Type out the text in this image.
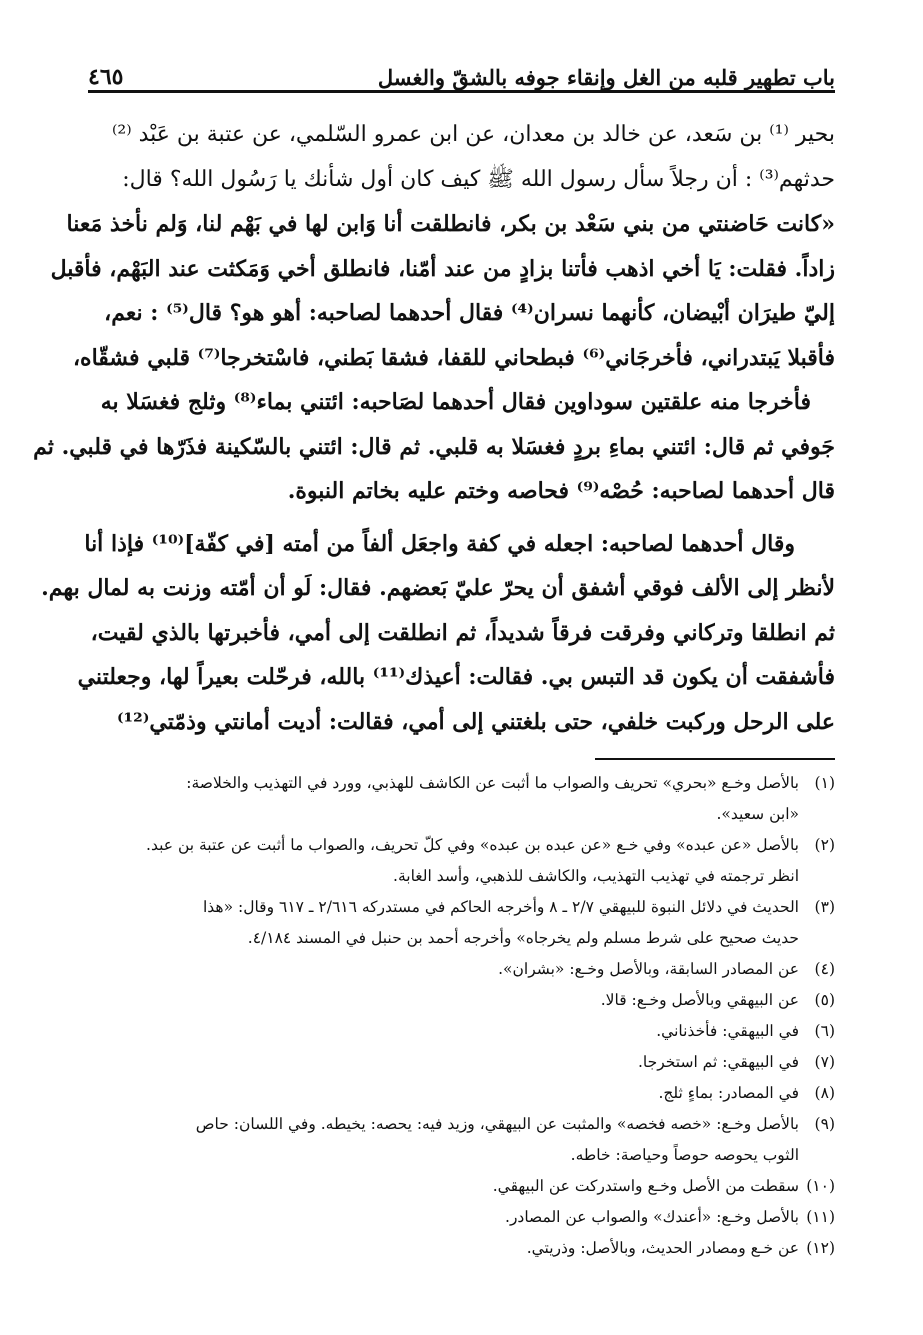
باب تطهير قلبه من الغل وإنقاء جوفه بالشقّ والغسل
٤٦٥
بحير ⁽¹⁾ بن سَعد، عن خالد بن معدان، عن ابن عمرو السّلمي، عن عتبة بن عَبْد ⁽²⁾
حدثهم⁽³⁾ : أن رجلاً سأل رسول الله ﷺ كيف كان أول شأنك يا رَسُول الله؟ قال:
«كانت حَاضنتي من بني سَعْد بن بكر، فانطلقت أنا وَابن لها في بَهْم لنا، وَلم نأخذ مَعنا
زاداً. فقلت: يَا أخي اذهب فأتنا بزادٍ من عند أمّنا، فانطلق أخي وَمَكثت عند البَهْم، فأقبل
إليّ طيرَان أبْيضان، كأنهما نسران⁽⁴⁾ فقال أحدهما لصاحبه: أهو هو؟ قال⁽⁵⁾ : نعم،
فأقبلا يَبتدراني، فأخرجَاني⁽⁶⁾ فبطحاني للقفا، فشقا بَطني، فاسْتخرجا⁽⁷⁾ قلبي فشقّاه،
فأخرجا منه علقتين سوداوين فقال أحدهما لصَاحبه: ائتني بماء⁽⁸⁾ وثلج فغسَلا به
جَوفي ثم قال: ائتني بماءِ بردٍ فغسَلا به قلبي. ثم قال: ائتني بالسّكينة فذَرّها في قلبي. ثم
قال أحدهما لصاحبه: حُصْه⁽⁹⁾ فحاصه وختم عليه بخاتم النبوة.
وقال أحدهما لصاحبه: اجعله في كفة واجعَل ألفاً من أمته [في كفّة]⁽¹⁰⁾ فإذا أنا
لأنظر إلى الألف فوقي أشفق أن يحرّ عليّ بَعضهم. فقال: لَو أن أمّته وزنت به لمال بهم.
ثم انطلقا وتركاني وفرقت فرقاً شديداً، ثم انطلقت إلى أمي، فأخبرتها بالذي لقيت،
فأشفقت أن يكون قد التبس بي. فقالت: أعيذك⁽¹¹⁾ بالله، فرحّلت بعيراً لها، وجعلتني
على الرحل وركبت خلفي، حتى بلغتني إلى أمي، فقالت: أديت أمانتي وذمّتي⁽¹²⁾
(١)
بالأصل وخـع «بحري» تحريف والصواب ما أثبت عن الكاشف للهذبي، وورد في التهذيب والخلاصة:
«ابن سعيد».
(٢)
بالأصل «عن عبده» وفي خـع «عن عبده بن عبده» وفي كلّ تحريف، والصواب ما أثبت عن عتبة بن عبد.
انظر ترجمته في تهذيب التهذيب، والكاشف للذهبي، وأسد الغابة.
(٣)
الحديث في دلائل النبوة للبيهقي ٢/٧ ـ ٨ وأخرجه الحاكم في مستدركه ٢/٦١٦ ـ ٦١٧ وقال: «هذا
حديث صحيح على شرط مسلم ولم يخرجاه» وأخرجه أحمد بن حنبل في المسند ٤/١٨٤.
(٤)
عن المصادر السابقة، وبالأصل وخـع: «بشران».
(٥)
عن البيهقي وبالأصل وخـع: قالا.
(٦)
في البيهقي: فأخذناني.
(٧)
في البيهقي: ثم استخرجا.
(٨)
في المصادر: بماءٍ ثلج.
(٩)
بالأصل وخـع: «خصه فخصه» والمثبت عن البيهقي، وزيد فيه: يحصه: يخيطه. وفي اللسان: حاص
الثوب يحوصه حوصاً وحياصة: خاطه.
(١٠)
سقطت من الأصل وخـع واستدركت عن البيهقي.
(١١)
بالأصل وخـع: «أعندك» والصواب عن المصادر.
(١٢)
عن خـع ومصادر الحديث، وبالأصل: وذريتي.
